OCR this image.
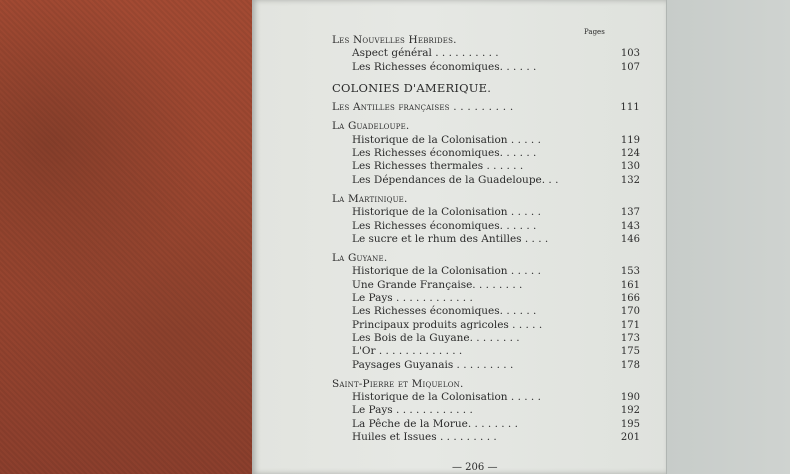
Pages
Les Nouvelles Hebrides.
Aspect général . . . . . . . . . .	103
Les Richesses économiques. . . . . .	107
COLONIES D'AMERIQUE.
Les Antilles françaises . . . . . . . . .	111
La Guadeloupe.
Historique de la Colonisation . . . . .	119
Les Richesses économiques. . . . . .	124
Les Richesses thermales . . . . . .	130
Les Dépendances de la Guadeloupe. . .	132
La Martinique.
Historique de la Colonisation . . . . .	137
Les Richesses économiques. . . . . .	143
Le sucre et le rhum des Antilles . . . .	146
La Guyane.
Historique de la Colonisation . . . . .	153
Une Grande Française. . . . . . . .	161
Le Pays . . . . . . . . . . . .	166
Les Richesses économiques. . . . . .	170
Principaux produits agricoles . . . . .	171
Les Bois de la Guyane. . . . . . . .	173
L'Or . . . . . . . . . . . . .	175
Paysages Guyanais . . . . . . . . .	178
Saint-Pierre et Miquelon.
Historique de la Colonisation . . . . .	190
Le Pays . . . . . . . . . . . .	192
La Pêche de la Morue. . . . . . . .	195
Huiles et Issues . . . . . . . . .	201
— 206 —
